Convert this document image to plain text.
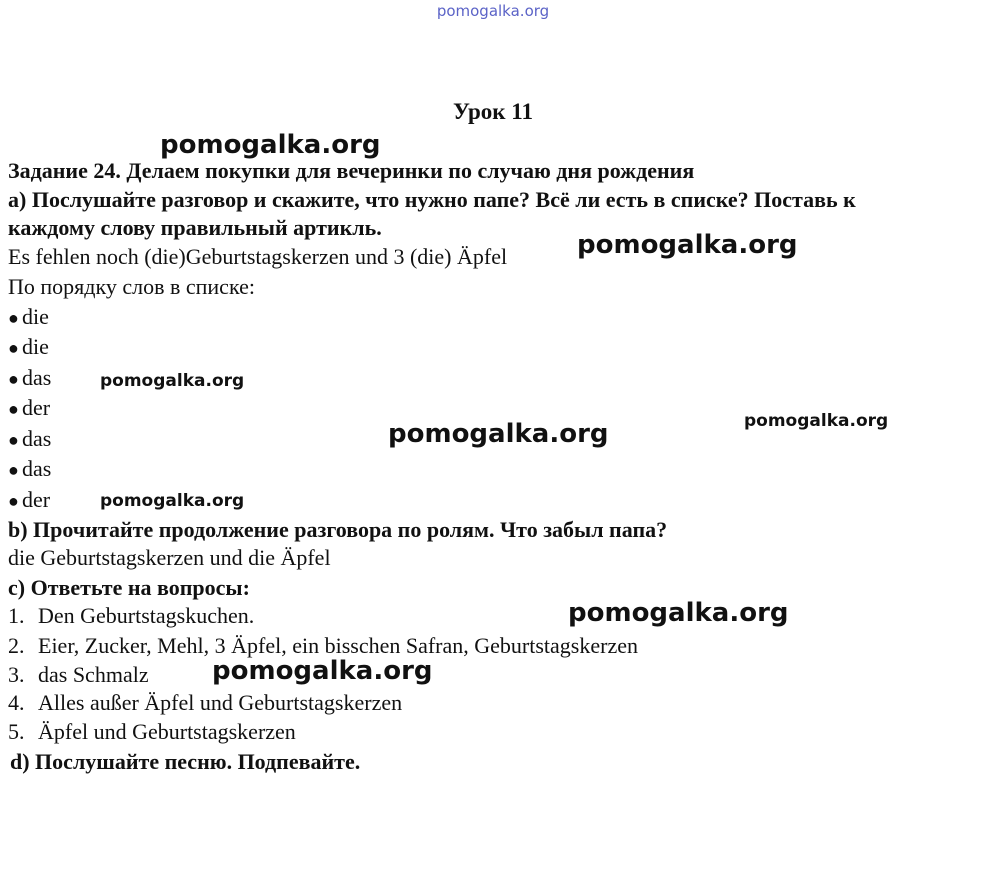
pomogalka.org
Урок 11
Задание 24. Делаем покупки для вечеринки по случаю дня рождения
а) Послушайте разговор и скажите, что нужно папе? Всё ли есть в списке? Поставь к
каждому слову правильный артикль.
Es fehlen noch (die)Geburtstagskerzen und 3 (die) Äpfel
По порядку слов в списке:
● die
● die
● das
● der
● das
● das
● der
b) Прочитайте продолжение разговора по ролям. Что забыл папа?
die Geburtstagskerzen und die Äpfel
c) Ответьте на вопросы:
1. Den Geburtstagskuchen.
2. Eier, Zucker, Mehl, 3 Äpfel, ein bisschen Safran, Geburtstagskerzen
3. das Schmalz
4. Alles außer Äpfel und Geburtstagskerzen
5. Äpfel und Geburtstagskerzen
d) Послушайте песню. Подпевайте.
pomogalka.org
pomogalka.org
pomogalka.org
pomogalka.org
pomogalka.org
pomogalka.org
pomogalka.org
pomogalka.org
